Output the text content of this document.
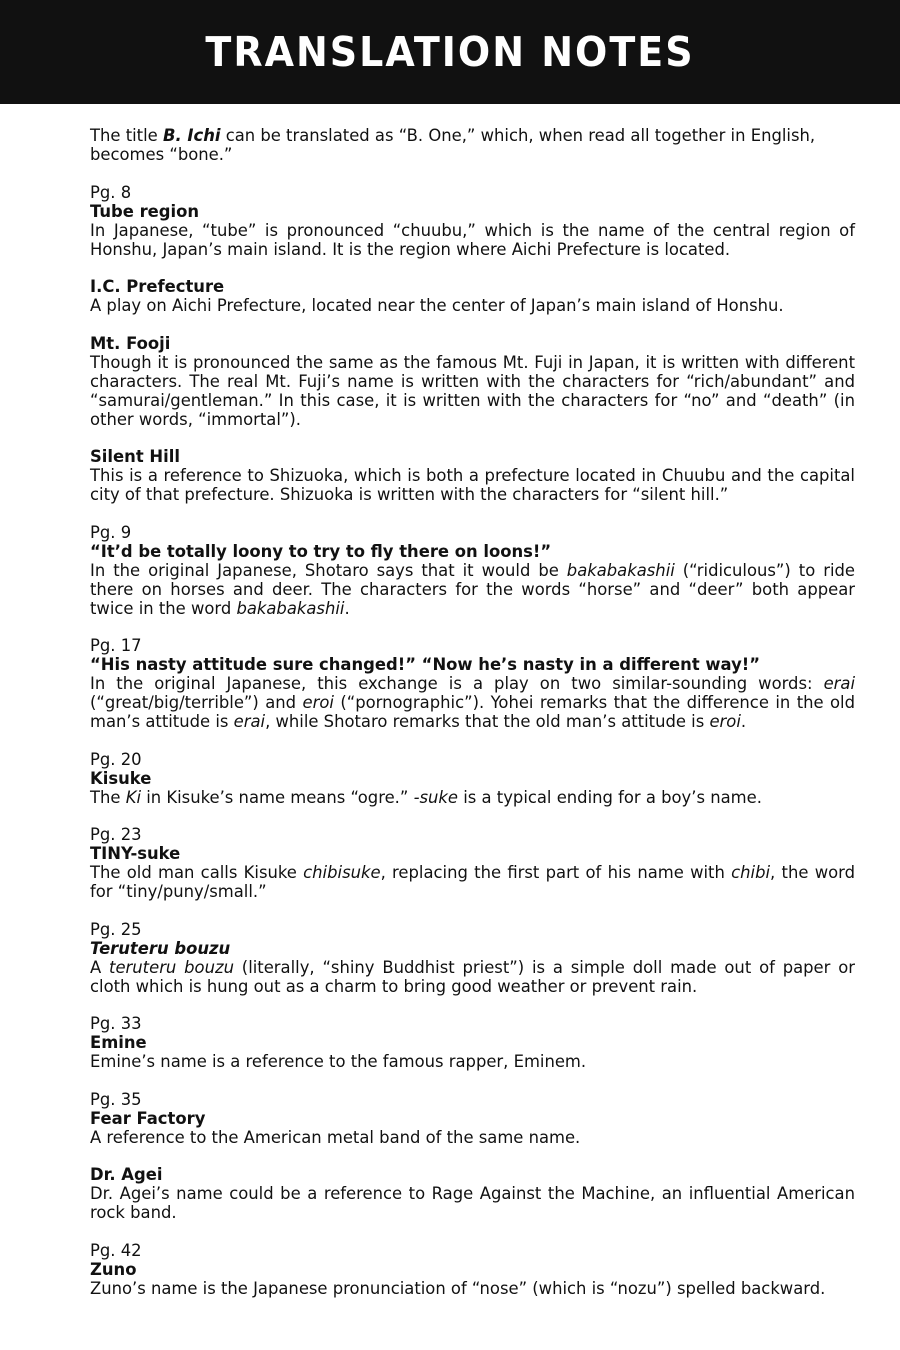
TRANSLATION NOTES
The title B. Ichi can be translated as “B. One,” which, when read all together in English, becomes “bone.”
Pg. 8
Tube region
In Japanese, “tube” is pronounced “chuubu,” which is the name of the central region of Honshu, Japan’s main island. It is the region where Aichi Prefecture is located.
I.C. Prefecture
A play on Aichi Prefecture, located near the center of Japan’s main island of Honshu.
Mt. Fooji
Though it is pronounced the same as the famous Mt. Fuji in Japan, it is written with different characters. The real Mt. Fuji’s name is written with the characters for “rich/abundant” and “samurai/gentleman.” In this case, it is written with the characters for “no” and “death” (in other words, “immortal”).
Silent Hill
This is a reference to Shizuoka, which is both a prefecture located in Chuubu and the capital city of that prefecture. Shizuoka is written with the characters for “silent hill.”
Pg. 9
“It’d be totally loony to try to fly there on loons!”
In the original Japanese, Shotaro says that it would be bakabakashii (“ridiculous”) to ride there on horses and deer. The characters for the words “horse” and “deer” both appear twice in the word bakabakashii.
Pg. 17
“His nasty attitude sure changed!” “Now he’s nasty in a different way!”
In the original Japanese, this exchange is a play on two similar-sounding words: erai (“great/big/terrible”) and eroi (“pornographic”). Yohei remarks that the difference in the old man’s attitude is erai, while Shotaro remarks that the old man’s attitude is eroi.
Pg. 20
Kisuke
The Ki in Kisuke’s name means “ogre.” -suke is a typical ending for a boy’s name.
Pg. 23
TINY-suke
The old man calls Kisuke chibisuke, replacing the first part of his name with chibi, the word for “tiny/puny/small.”
Pg. 25
Teruteru bouzu
A teruteru bouzu (literally, “shiny Buddhist priest”) is a simple doll made out of paper or cloth which is hung out as a charm to bring good weather or prevent rain.
Pg. 33
Emine
Emine’s name is a reference to the famous rapper, Eminem.
Pg. 35
Fear Factory
A reference to the American metal band of the same name.
Dr. Agei
Dr. Agei’s name could be a reference to Rage Against the Machine, an influential American rock band.
Pg. 42
Zuno
Zuno’s name is the Japanese pronunciation of “nose” (which is “nozu”) spelled backward.
